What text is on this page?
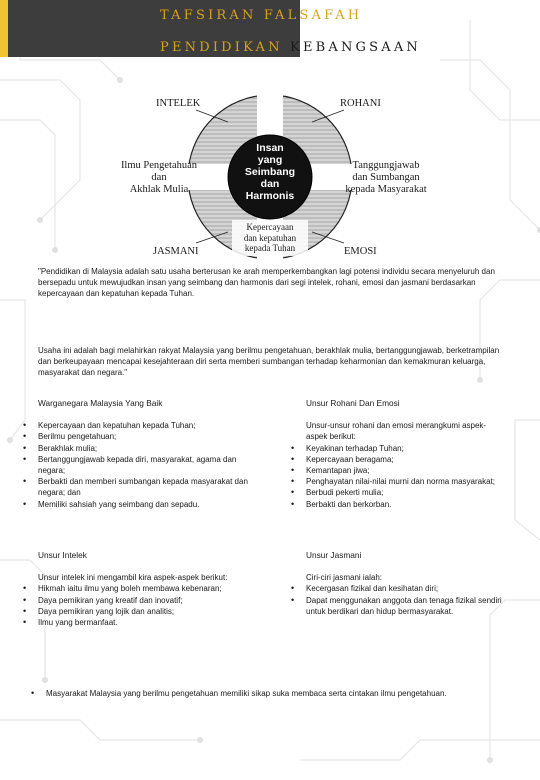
TAFSIRAN FALSAFAH
PENDIDIKAN KEBANGSAAN
INTELEK	ROHANI
JASMANI	EMOSI
Ilmu Pengetahuan
dan
Akhlak Mulia
Tanggungjawab
dan Sumbangan
kepada Masyarakat
Insan
yang
Seimbang
dan
Harmonis
Kepercayaan
dan kepatuhan
kepada Tuhan
"Pendidikan di Malaysia adalah satu usaha berterusan ke arah memperkembangkan lagi potensi individu secara menyeluruh dan bersepadu untuk mewujudkan insan yang seimbang dan harmonis dari segi intelek, rohani, emosi dan jasmani berdasarkan kepercayaan dan kepatuhan kepada Tuhan.
Usaha ini adalah bagi melahirkan rakyat Malaysia yang berilmu pengetahuan, berakhlak mulia, bertanggungjawab, berketrampilan dan berkeupayaan mencapai kesejahteraan diri serta memberi sumbangan terhadap keharmonian dan kemakmuran keluarga, masyarakat dan negara."
Warganegara Malaysia Yang Baik
• Kepercayaan dan kepatuhan kepada Tuhan;
• Berilmu pengetahuan;
• Berakhlak mulia;
• Bertanggungjawab kepada diri, masyarakat, agama dan negara;
• Berbakti dan memberi sumbangan kepada masyarakat dan negara; dan
• Memiliki sahsiah yang seimbang dan sepadu.
Unsur Rohani Dan Emosi
Unsur-unsur rohani dan emosi merangkumi aspek-aspek berikut:
• Keyakinan terhadap Tuhan;
• Kepercayaan beragama;
• Kemantapan jiwa;
• Penghayatan nilai-nilai murni dan norma masyarakat;
• Berbudi pekerti mulia;
• Berbakti dan berkorban.
Unsur Intelek
Unsur intelek ini mengambil kira aspek-aspek berikut:
• Hikmah iaitu ilmu yang boleh membawa kebenaran;
• Daya pemikiran yang kreatif dan inovatif;
• Daya pemikiran yang lojik dan analitis;
• Ilmu yang bermanfaat.
Unsur Jasmani
Ciri-ciri jasmani ialah:
• Kecergasan fizikal dan kesihatan diri;
• Dapat menggunakan anggota dan tenaga fizikal sendiri untuk berdikari dan hidup bermasyarakat.
• Masyarakat Malaysia yang berilmu pengetahuan memiliki sikap suka membaca serta cintakan ilmu pengetahuan.
